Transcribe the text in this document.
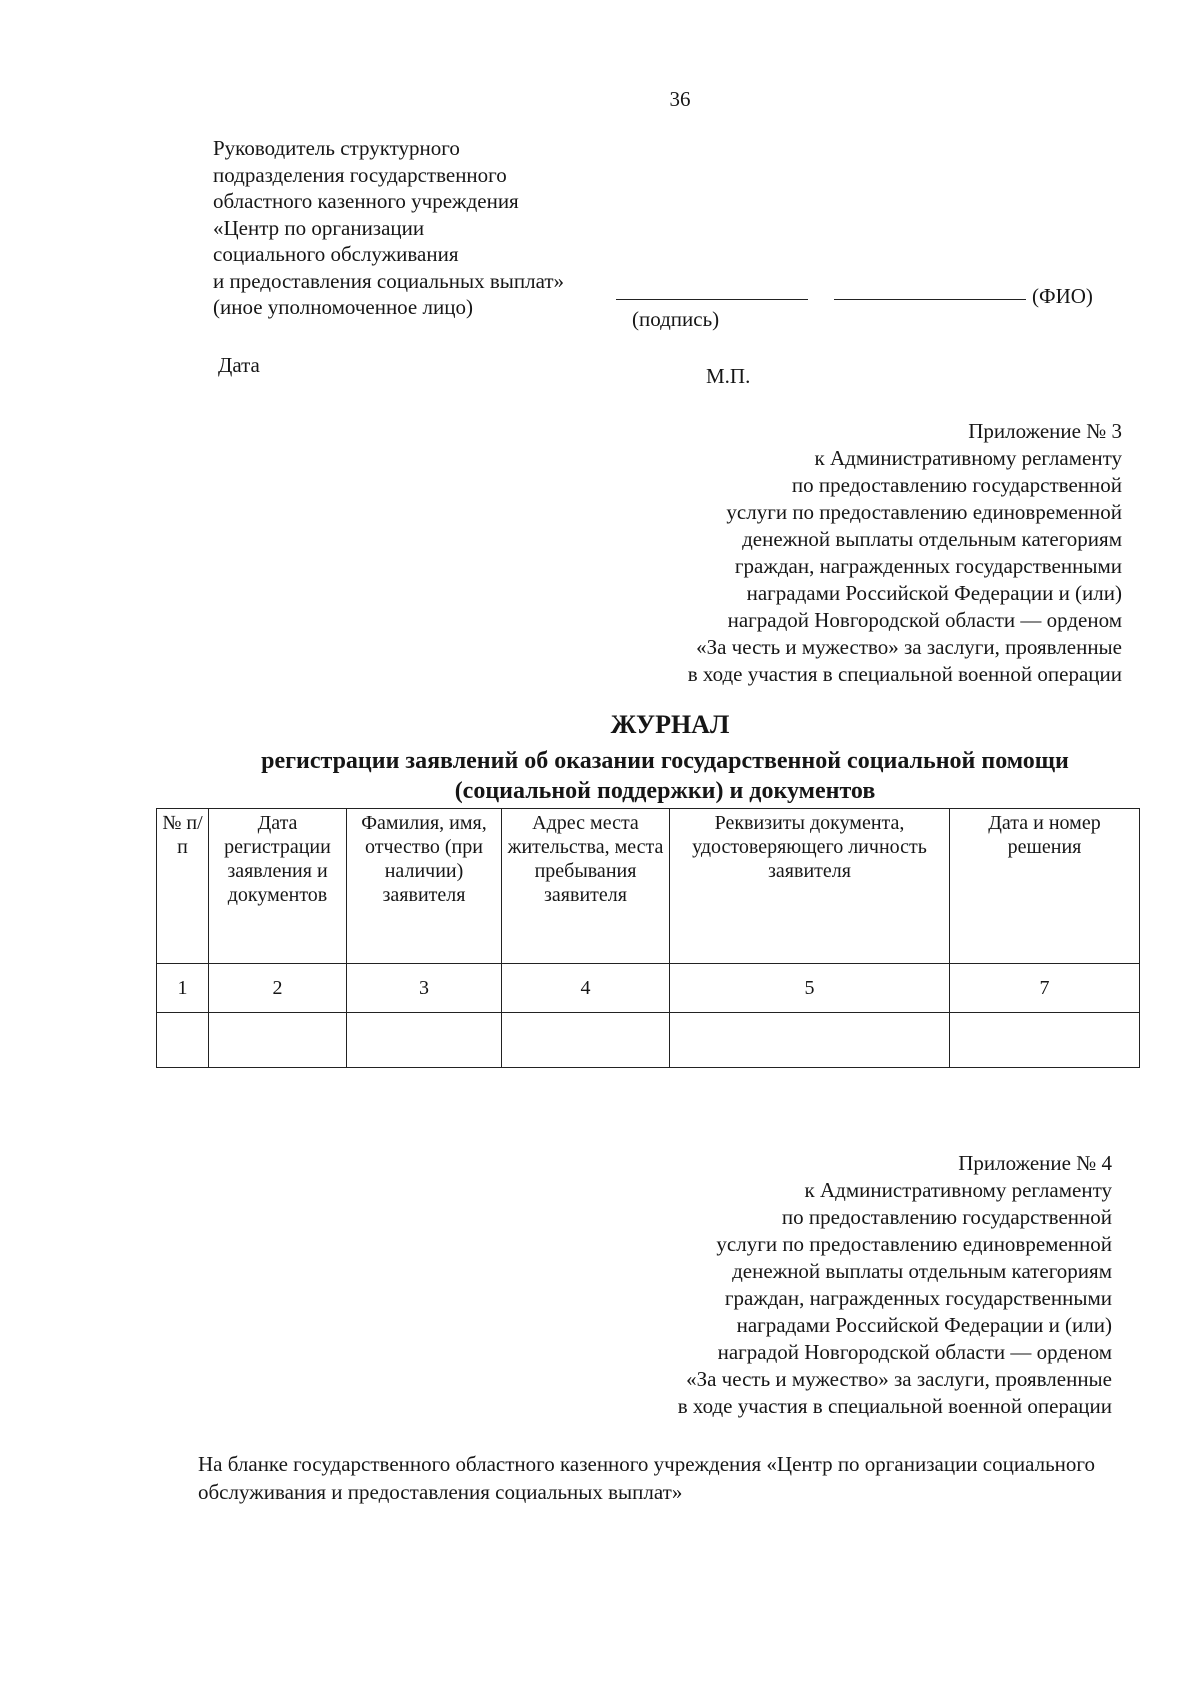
36
Руководитель структурного
подразделения государственного
областного казенного учреждения
«Центр по организации
социального обслуживания
и предоставления социальных выплат»
(иное уполномоченное лицо)	(подпись)
(ФИО)
Дата	М.П.
Приложение № 3
к Административному регламенту
по предоставлению государственной
услуги по предоставлению единовременной
денежной выплаты отдельным категориям
граждан, награжденных государственными
наградами Российской Федерации и (или)
наградой Новгородской области — орденом
«За честь и мужество» за заслуги, проявленные
в ходе участия в специальной военной операции
ЖУРНАЛ
регистрации заявлений об оказании государственной социальной помощи (социальной поддержки) и документов
№ п/п	Дата регистрации заявления и документов	Фамилия, имя, отчество (при наличии) заявителя	Адрес места жительства, места пребывания заявителя	Реквизиты документа, удостоверяющего личность заявителя	Дата и номер решения
1	2	3	4	5	7

Приложение № 4
к Административному регламенту
по предоставлению государственной
услуги по предоставлению единовременной
денежной выплаты отдельным категориям
граждан, награжденных государственными
наградами Российской Федерации и (или)
наградой Новгородской области — орденом
«За честь и мужество» за заслуги, проявленные
в ходе участия в специальной военной операции
На бланке государственного областного казенного учреждения «Центр по организации социального обслуживания и предоставления социальных выплат»
